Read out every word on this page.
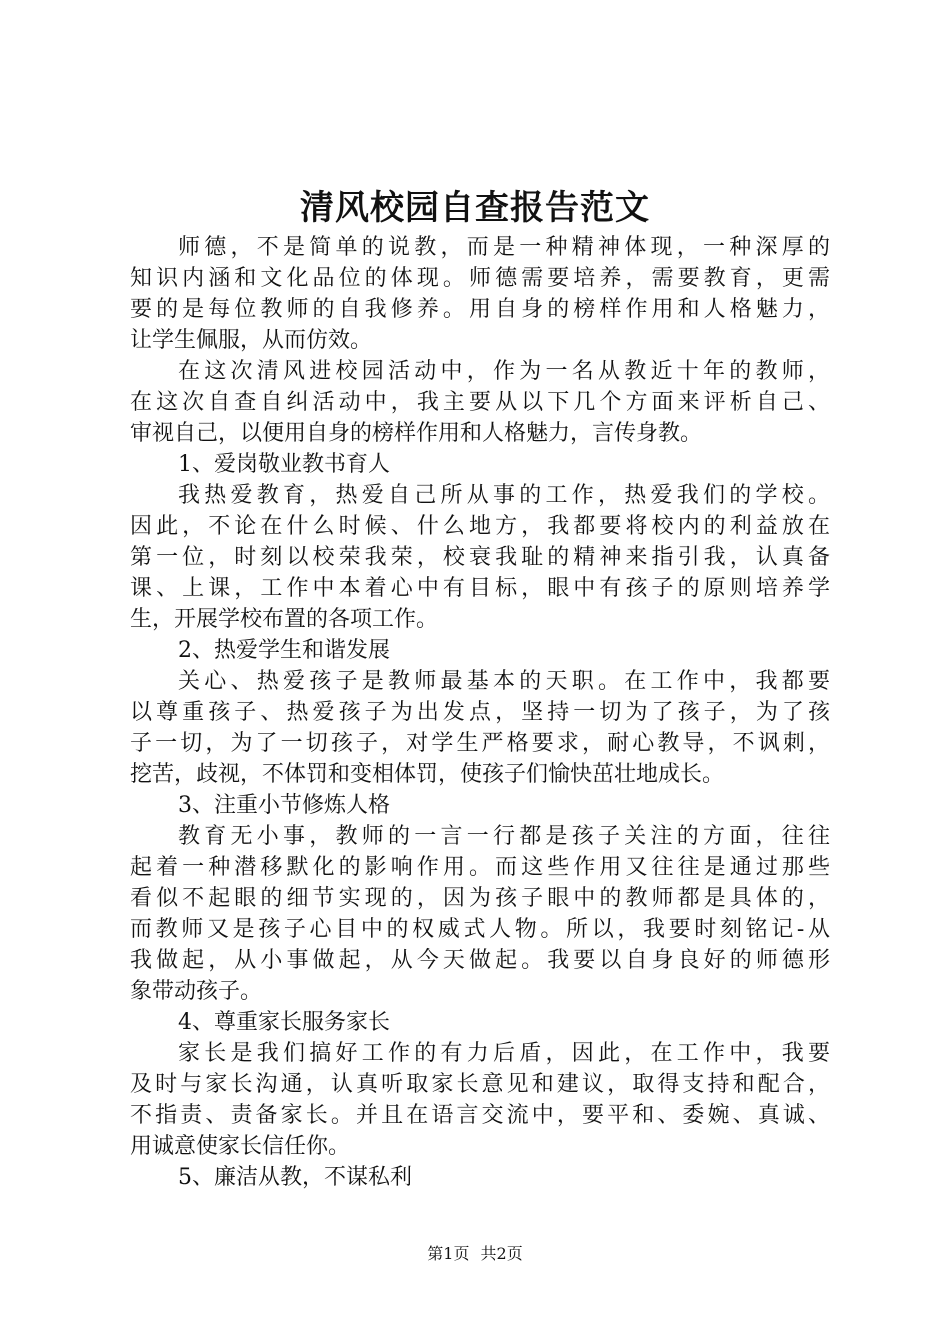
清风校园自查报告范文
师德，不是简单的说教，而是一种精神体现，一种深厚的
知识内涵和文化品位的体现。师德需要培养，需要教育，更需
要的是每位教师的自我修养。用自身的榜样作用和人格魅力，
让学生佩服，从而仿效。
在这次清风进校园活动中，作为一名从教近十年的教师，
在这次自查自纠活动中，我主要从以下几个方面来评析自己、
审视自己，以便用自身的榜样作用和人格魅力，言传身教。
1、爱岗敬业教书育人
我热爱教育，热爱自己所从事的工作，热爱我们的学校。
因此，不论在什么时候、什么地方，我都要将校内的利益放在
第一位，时刻以校荣我荣，校衰我耻的精神来指引我，认真备
课、上课，工作中本着心中有目标，眼中有孩子的原则培养学
生，开展学校布置的各项工作。
2、热爱学生和谐发展
关心、热爱孩子是教师最基本的天职。在工作中，我都要
以尊重孩子、热爱孩子为出发点，坚持一切为了孩子，为了孩
子一切，为了一切孩子，对学生严格要求，耐心教导，不讽刺，
挖苦，歧视，不体罚和变相体罚，使孩子们愉快茁壮地成长。
3、注重小节修炼人格
教育无小事，教师的一言一行都是孩子关注的方面，往往
起着一种潜移默化的影响作用。而这些作用又往往是通过那些
看似不起眼的细节实现的，因为孩子眼中的教师都是具体的，
而教师又是孩子心目中的权威式人物。所以，我要时刻铭记-从
我做起，从小事做起，从今天做起。我要以自身良好的师德形
象带动孩子。
4、尊重家长服务家长
家长是我们搞好工作的有力后盾，因此，在工作中，我要
及时与家长沟通，认真听取家长意见和建议，取得支持和配合，
不指责、责备家长。并且在语言交流中，要平和、委婉、真诚、
用诚意使家长信任你。
5、廉洁从教，不谋私利
第1页 共2页
